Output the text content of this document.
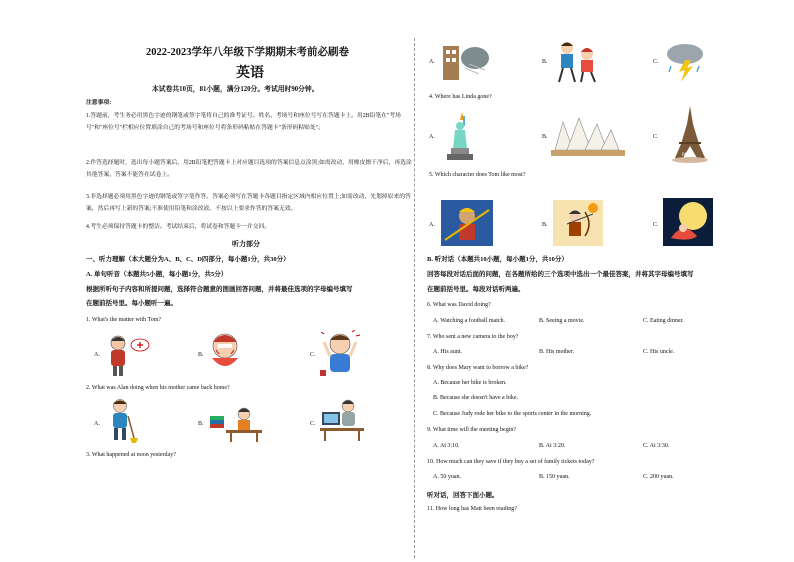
2022-2023学年八年级下学期期末考前必刷卷
英语
本试卷共10页，81小题，满分120分。考试用时90分钟。
注意事项:
1.答题前，考生务必用黑色字迹的钢笔或签字笔将自己的准考证号、姓名、考场号和座位号写在答题卡上。用2B铅笔在"考场号"和"座位号"栏相应位置填涂自己的考场号和座位号将条形码粘贴在答题卡"条形码粘贴处"。
2.作答选择题时，选出每小题答案后，用2B铅笔把答题卡上对应题目选项的答案信息点涂黑;如需改动，用橡皮擦干净后，再选涂其他答案，答案不能答在试卷上。
3.非选择题必须用黑色字迹的钢笔或签字笔作答，答案必须写在答题卡各题目指定区域内相应位置上;如需改动，先划掉原来的答案，然后再写上新的答案;不准使用铅笔和涂改液。不按以上要求作答的答案无效。
4.考生必须保持答题卡的整洁。考试结束后，将试卷和答题卡一并交回。
听力部分
一、听力理解（本大题分为A、B、C、D四部分，每小题1分，共30分）
A. 单句听音（本题共5小题，每小题1分，共5分）
根据所听句子内容和所提问题，选择符合题意的图画回答问题，并将最佳选项的字母编号填写
在题前括号里。每小题听一遍。
1. What's the matter with Tom?
A.	B.	C.
2. What was Alan doing when his mother came back home?
A.	B.	C.
3. What happened at noon yesterday?
A.	B.	C.
4. Where has Linda gone?
A.	B.	C.
PARIS
5. Which character does Tom like most?
A.	B.	C.
B. 听对话（本题共10小题，每小题1分，共10分）
回答每段对话后面的问题，在各题所给的三个选项中选出一个最佳答案，并将其字母编号填写
在题前括号里。每段对话听两遍。
6. What was David doing?
A. Watching a football match.	B. Seeing a movie.	C. Eating dinner.
7. Who sent a new camera to the boy?
A. His aunt.	B. His mother.	C. His uncle.
8. Why does Mary want to borrow a bike?
A. Because her bike is broken.
B. Because she doesn't have a bike.
C. Because Judy rode her bike to the sports center in the morning.
9. What time will the meeting begin?
A. At 3:10.	B. At 3:20.	C. At 3:30.
10. How much can they save if they buy a set of family tickets today?
A. 50 yuan.	B. 150 yuan.	C. 200 yuan.
听对话，回答下面小题。
11. How long has Matt been reading?
